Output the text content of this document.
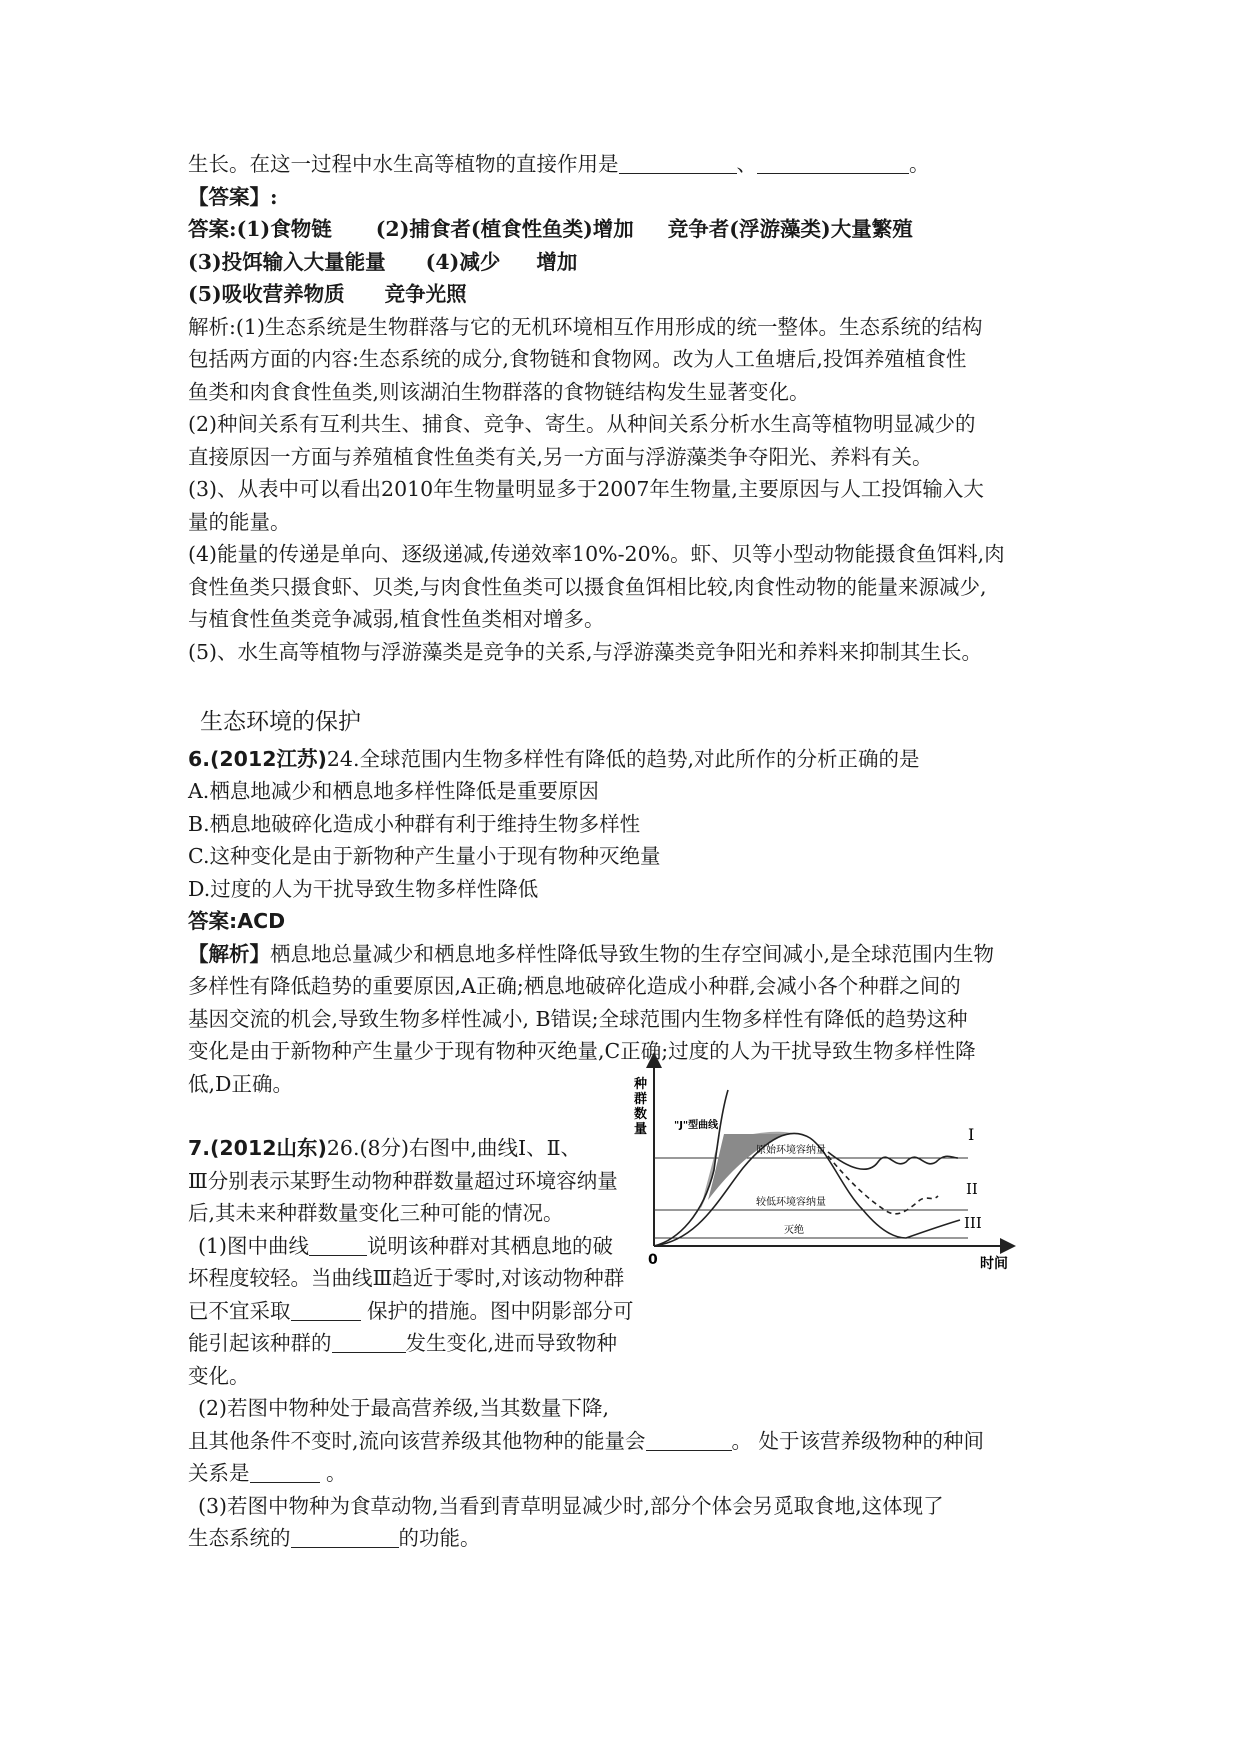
生长。在这一过程中水生高等植物的直接作用是	、	。
【答案】:
答案:(1)食物链 (2)捕食者(植食性鱼类)增加 竞争者(浮游藻类)大量繁殖
(3)投饵输入大量能量 (4)减少 增加
(5)吸收营养物质 竞争光照
解析:(1)生态系统是生物群落与它的无机环境相互作用形成的统一整体。生态系统的结构
包括两方面的内容:生态系统的成分,食物链和食物网。改为人工鱼塘后,投饵养殖植食性
鱼类和肉食食性鱼类,则该湖泊生物群落的食物链结构发生显著变化。
(2)种间关系有互利共生、捕食、竞争、寄生。从种间关系分析水生高等植物明显减少的
直接原因一方面与养殖植食性鱼类有关,另一方面与浮游藻类争夺阳光、养料有关。
(3)、从表中可以看出2010年生物量明显多于2007年生物量,主要原因与人工投饵输入大
量的能量。
(4)能量的传递是单向、逐级递减,传递效率10%-20%。虾、贝等小型动物能摄食鱼饵料,肉
食性鱼类只摄食虾、贝类,与肉食性鱼类可以摄食鱼饵相比较,肉食性动物的能量来源减少,
与植食性鱼类竞争减弱,植食性鱼类相对增多。
(5)、水生高等植物与浮游藻类是竞争的关系,与浮游藻类竞争阳光和养料来抑制其生长。
生态环境的保护
6.(2012江苏)24.全球范围内生物多样性有降低的趋势,对此所作的分析正确的是
A.栖息地减少和栖息地多样性降低是重要原因
B.栖息地破碎化造成小种群有利于维持生物多样性
C.这种变化是由于新物种产生量小于现有物种灭绝量
D.过度的人为干扰导致生物多样性降低
答案:ACD
【解析】栖息地总量减少和栖息地多样性降低导致生物的生存空间减小,是全球范围内生物
多样性有降低趋势的重要原因,A正确;栖息地破碎化造成小种群,会减小各个种群之间的
基因交流的机会,导致生物多样性减小, B错误;全球范围内生物多样性有降低的趋势这种
变化是由于新物种产生量少于现有物种灭绝量,C正确;过度的人为干扰导致生物多样性降
低,D正确。
7.(2012山东)26.(8分)右图中,曲线Ⅰ、Ⅱ、
Ⅲ分别表示某野生动物种群数量超过环境容纳量
后,其未来种群数量变化三种可能的情况。
(1)图中曲线	说明该种群对其栖息地的破
坏程度较轻。当曲线Ⅲ趋近于零时,对该动物种群
已不宜采取	保护的措施。图中阴影部分可
能引起该种群的	发生变化,进而导致物种
变化。
(2)若图中物种处于最高营养级,当其数量下降,
且其他条件不变时,流向该营养级其他物种的能量会	。 处于该营养级物种的种间
关系是	。
(3)若图中物种为食草动物,当看到青草明显减少时,部分个体会另觅取食地,这体现了
生态系统的	的功能。
种群数量
0	时间
"J"型曲线
原始环境容纳量
较低环境容纳量
灭绝
I
II
III
